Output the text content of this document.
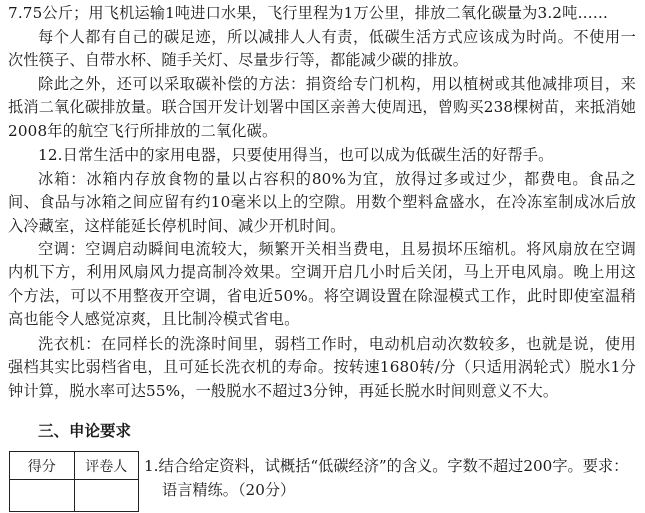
7.75公斤；用飞机运输1吨进口水果，飞行里程为1万公里，排放二氧化碳量为3.2吨……

每个人都有自己的碳足迹，所以减排人人有责，低碳生活方式应该成为时尚。不使用一次性筷子、自带水杯、随手关灯、尽量步行等，都能减少碳的排放。

除此之外，还可以采取碳补偿的方法：捐资给专门机构，用以植树或其他减排项目，来抵消二氧化碳排放量。联合国开发计划署中国区亲善大使周迅，曾购买238棵树苗，来抵消她2008年的航空飞行所排放的二氧化碳。

12.日常生活中的家用电器，只要使用得当，也可以成为低碳生活的好帮手。

冰箱：冰箱内存放食物的量以占容积的80%为宜，放得过多或过少，都费电。食品之间、食品与冰箱之间应留有约10毫米以上的空隙。用数个塑料盒盛水，在冷冻室制成冰后放入冷藏室，这样能延长停机时间、减少开机时间。

空调：空调启动瞬间电流较大，频繁开关相当费电，且易损坏压缩机。将风扇放在空调内机下方，利用风扇风力提高制冷效果。空调开启几小时后关闭，马上开电风扇。晚上用这个方法，可以不用整夜开空调，省电近50%。将空调设置在除湿模式工作，此时即使室温稍高也能令人感觉凉爽，且比制冷模式省电。

洗衣机：在同样长的洗涤时间里，弱档工作时，电动机启动次数较多，也就是说，使用强档其实比弱档省电，且可延长洗衣机的寿命。按转速1680转/分（只适用涡轮式）脱水1分钟计算，脱水率可达55%，一般脱水不超过3分钟，再延长脱水时间则意义不大。

三、申论要求

得分	评卷人
	1.结合给定资料，试概括“低碳经济”的含义。字数不超过200字。要求：
语言精练。（20分）
